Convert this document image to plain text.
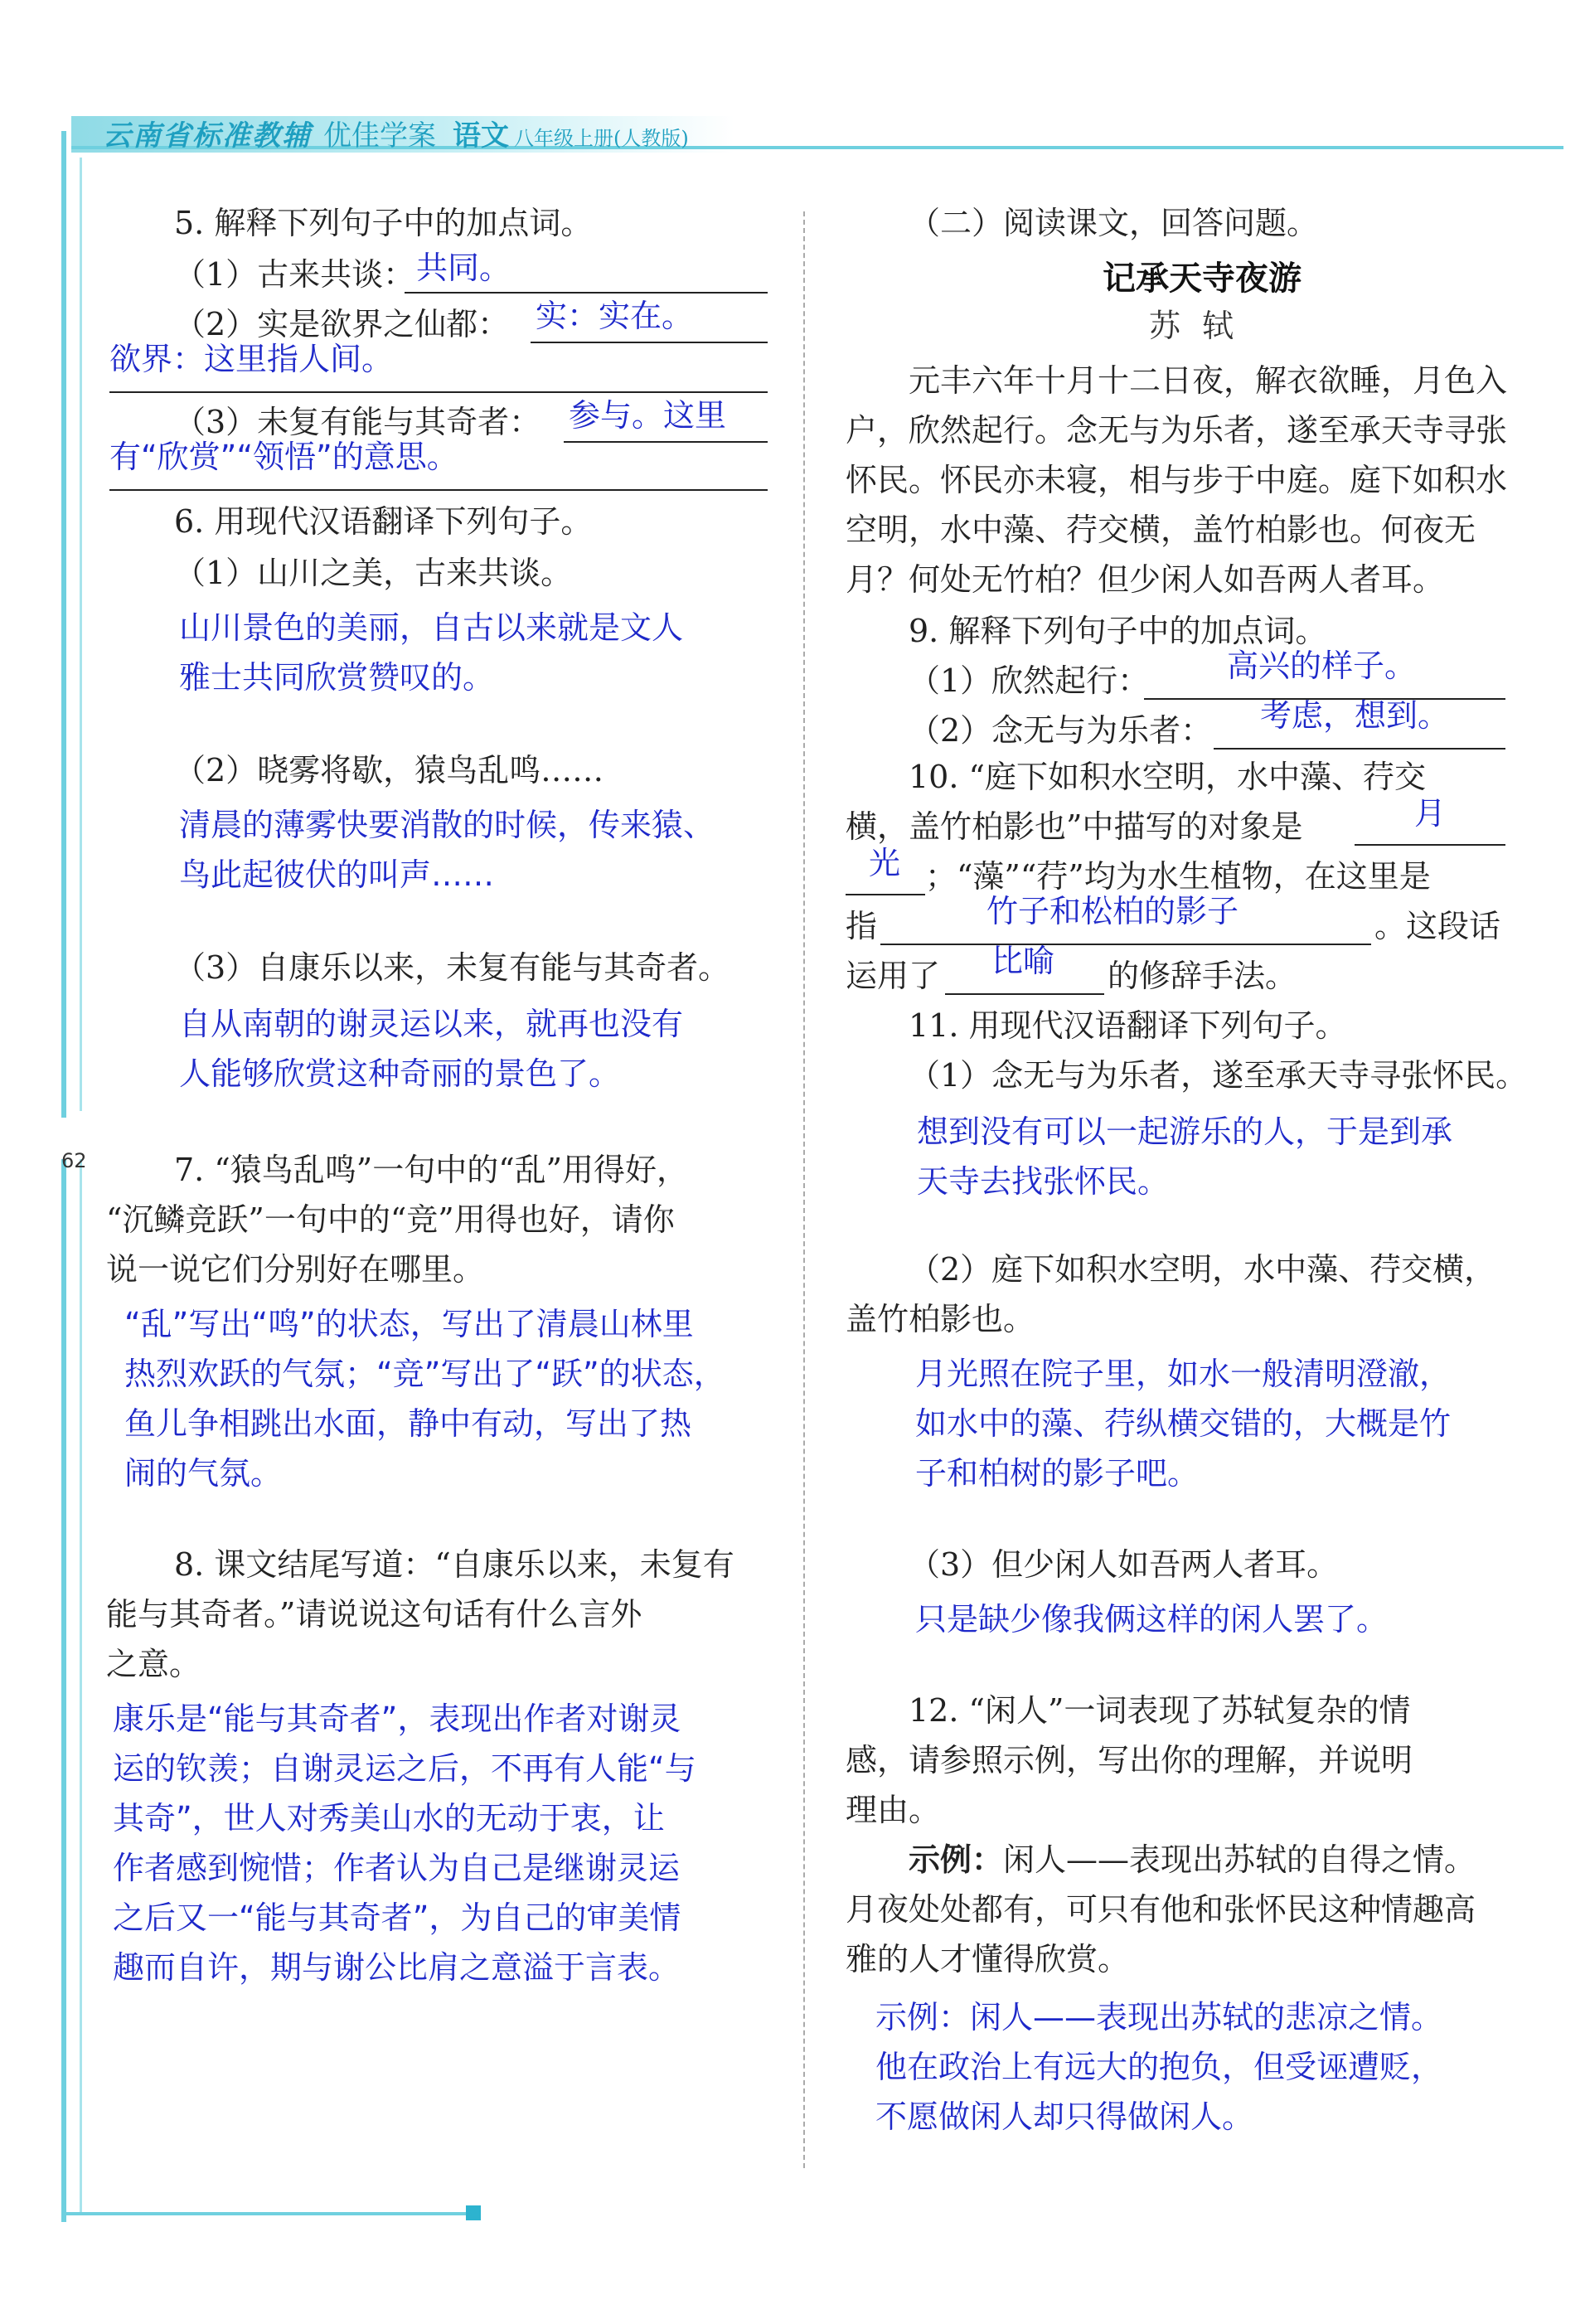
云南省标准教辅 优佳学案 语文 八年级上册(人教版)
62
5. 解释下列句子中的加点词。
（1）古来共谈： 共同。
（2）实是欲界之仙都： 实：实在。
欲界：这里指人间。
（3）未复有能与其奇者： 参与。这里
有“欣赏”“领悟”的意思。
6. 用现代汉语翻译下列句子。
（1）山川之美，古来共谈。
山川景色的美丽，自古以来就是文人
雅士共同欣赏赞叹的。
（2）晓雾将歇，猿鸟乱鸣……
清晨的薄雾快要消散的时候，传来猿、
鸟此起彼伏的叫声……
（3）自康乐以来，未复有能与其奇者。
自从南朝的谢灵运以来，就再也没有
人能够欣赏这种奇丽的景色了。
7. “猿鸟乱鸣”一句中的“乱”用得好，
“沉鳞竞跃”一句中的“竞”用得也好，请你
说一说它们分别好在哪里。
“乱”写出“鸣”的状态，写出了清晨山林里
热烈欢跃的气氛；“竞”写出了“跃”的状态，
鱼儿争相跳出水面，静中有动，写出了热
闹的气氛。
8. 课文结尾写道：“自康乐以来，未复有
能与其奇者。”请说说这句话有什么言外
之意。
康乐是“能与其奇者”，表现出作者对谢灵
运的钦羡；自谢灵运之后，不再有人能“与
其奇”，世人对秀美山水的无动于衷，让
作者感到惋惜；作者认为自己是继谢灵运
之后又一“能与其奇者”，为自己的审美情
趣而自许，期与谢公比肩之意溢于言表。
（二）阅读课文，回答问题。
记承天寺夜游
苏轼
元丰六年十月十二日夜，解衣欲睡，月色入
户，欣然起行。念无与为乐者，遂至承天寺寻张
怀民。怀民亦未寝，相与步于中庭。庭下如积水
空明，水中藻、荇交横，盖竹柏影也。何夜无
月？何处无竹柏？但少闲人如吾两人者耳。
9. 解释下列句子中的加点词。
（1）欣然起行： 高兴的样子。
（2）念无与为乐者： 考虑，想到。
10. “庭下如积水空明，水中藻、荇交
横，盖竹柏影也”中描写的对象是	月
光 ；“藻”“荇”均为水生植物，在这里是
指	竹子和松柏的影子	。这段话
运用了 比喻 的修辞手法。
11. 用现代汉语翻译下列句子。
（1）念无与为乐者，遂至承天寺寻张怀民。
想到没有可以一起游乐的人，于是到承
天寺去找张怀民。
（2）庭下如积水空明，水中藻、荇交横，
盖竹柏影也。
月光照在院子里，如水一般清明澄澈，
如水中的藻、荇纵横交错的，大概是竹
子和柏树的影子吧。
（3）但少闲人如吾两人者耳。
只是缺少像我俩这样的闲人罢了。
12. “闲人”一词表现了苏轼复杂的情
感，请参照示例，写出你的理解，并说明
理由。
示例：闲人——表现出苏轼的自得之情。
月夜处处都有，可只有他和张怀民这种情趣高
雅的人才懂得欣赏。
示例：闲人——表现出苏轼的悲凉之情。
他在政治上有远大的抱负，但受诬遭贬，
不愿做闲人却只得做闲人。
